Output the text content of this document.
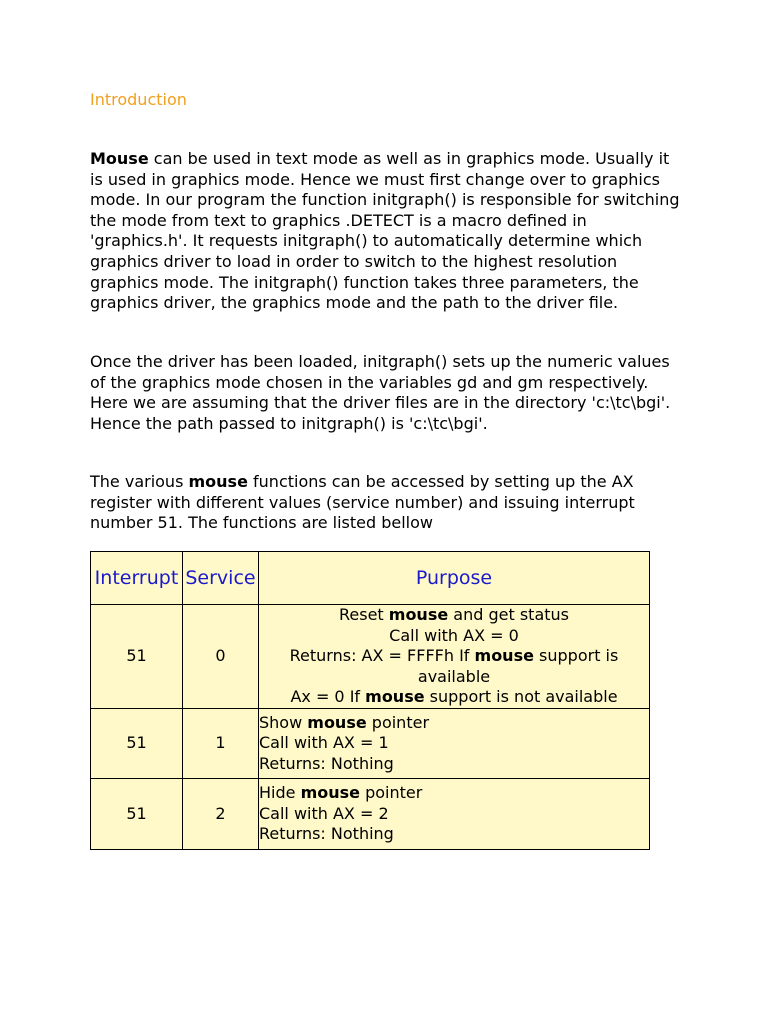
Introduction
Mouse can be used in text mode as well as in graphics mode. Usually it is used in graphics mode. Hence we must first change over to graphics mode. In our program the function initgraph() is responsible for switching the mode from text to graphics .DETECT is a macro defined in 'graphics.h'. It requests initgraph() to automatically determine which graphics driver to load in order to switch to the highest resolution graphics mode. The initgraph() function takes three parameters, the graphics driver, the graphics mode and the path to the driver file.
Once the driver has been loaded, initgraph() sets up the numeric values of the graphics mode chosen in the variables gd and gm respectively. Here we are assuming that the driver files are in the directory 'c:\tc\bgi'. Hence the path passed to initgraph() is 'c:\tc\bgi'.
The various mouse functions can be accessed by setting up the AX register with different values (service number) and issuing interrupt number 51. The functions are listed bellow
Interrupt	Service	Purpose
51	0	Reset mouse and get status
Call with AX = 0
Returns: AX = FFFFh If mouse support is available
Ax = 0 If mouse support is not available

51	1	Show mouse pointer
Call with AX = 1
Returns: Nothing

51	2	Hide mouse pointer
Call with AX = 2
Returns: Nothing
